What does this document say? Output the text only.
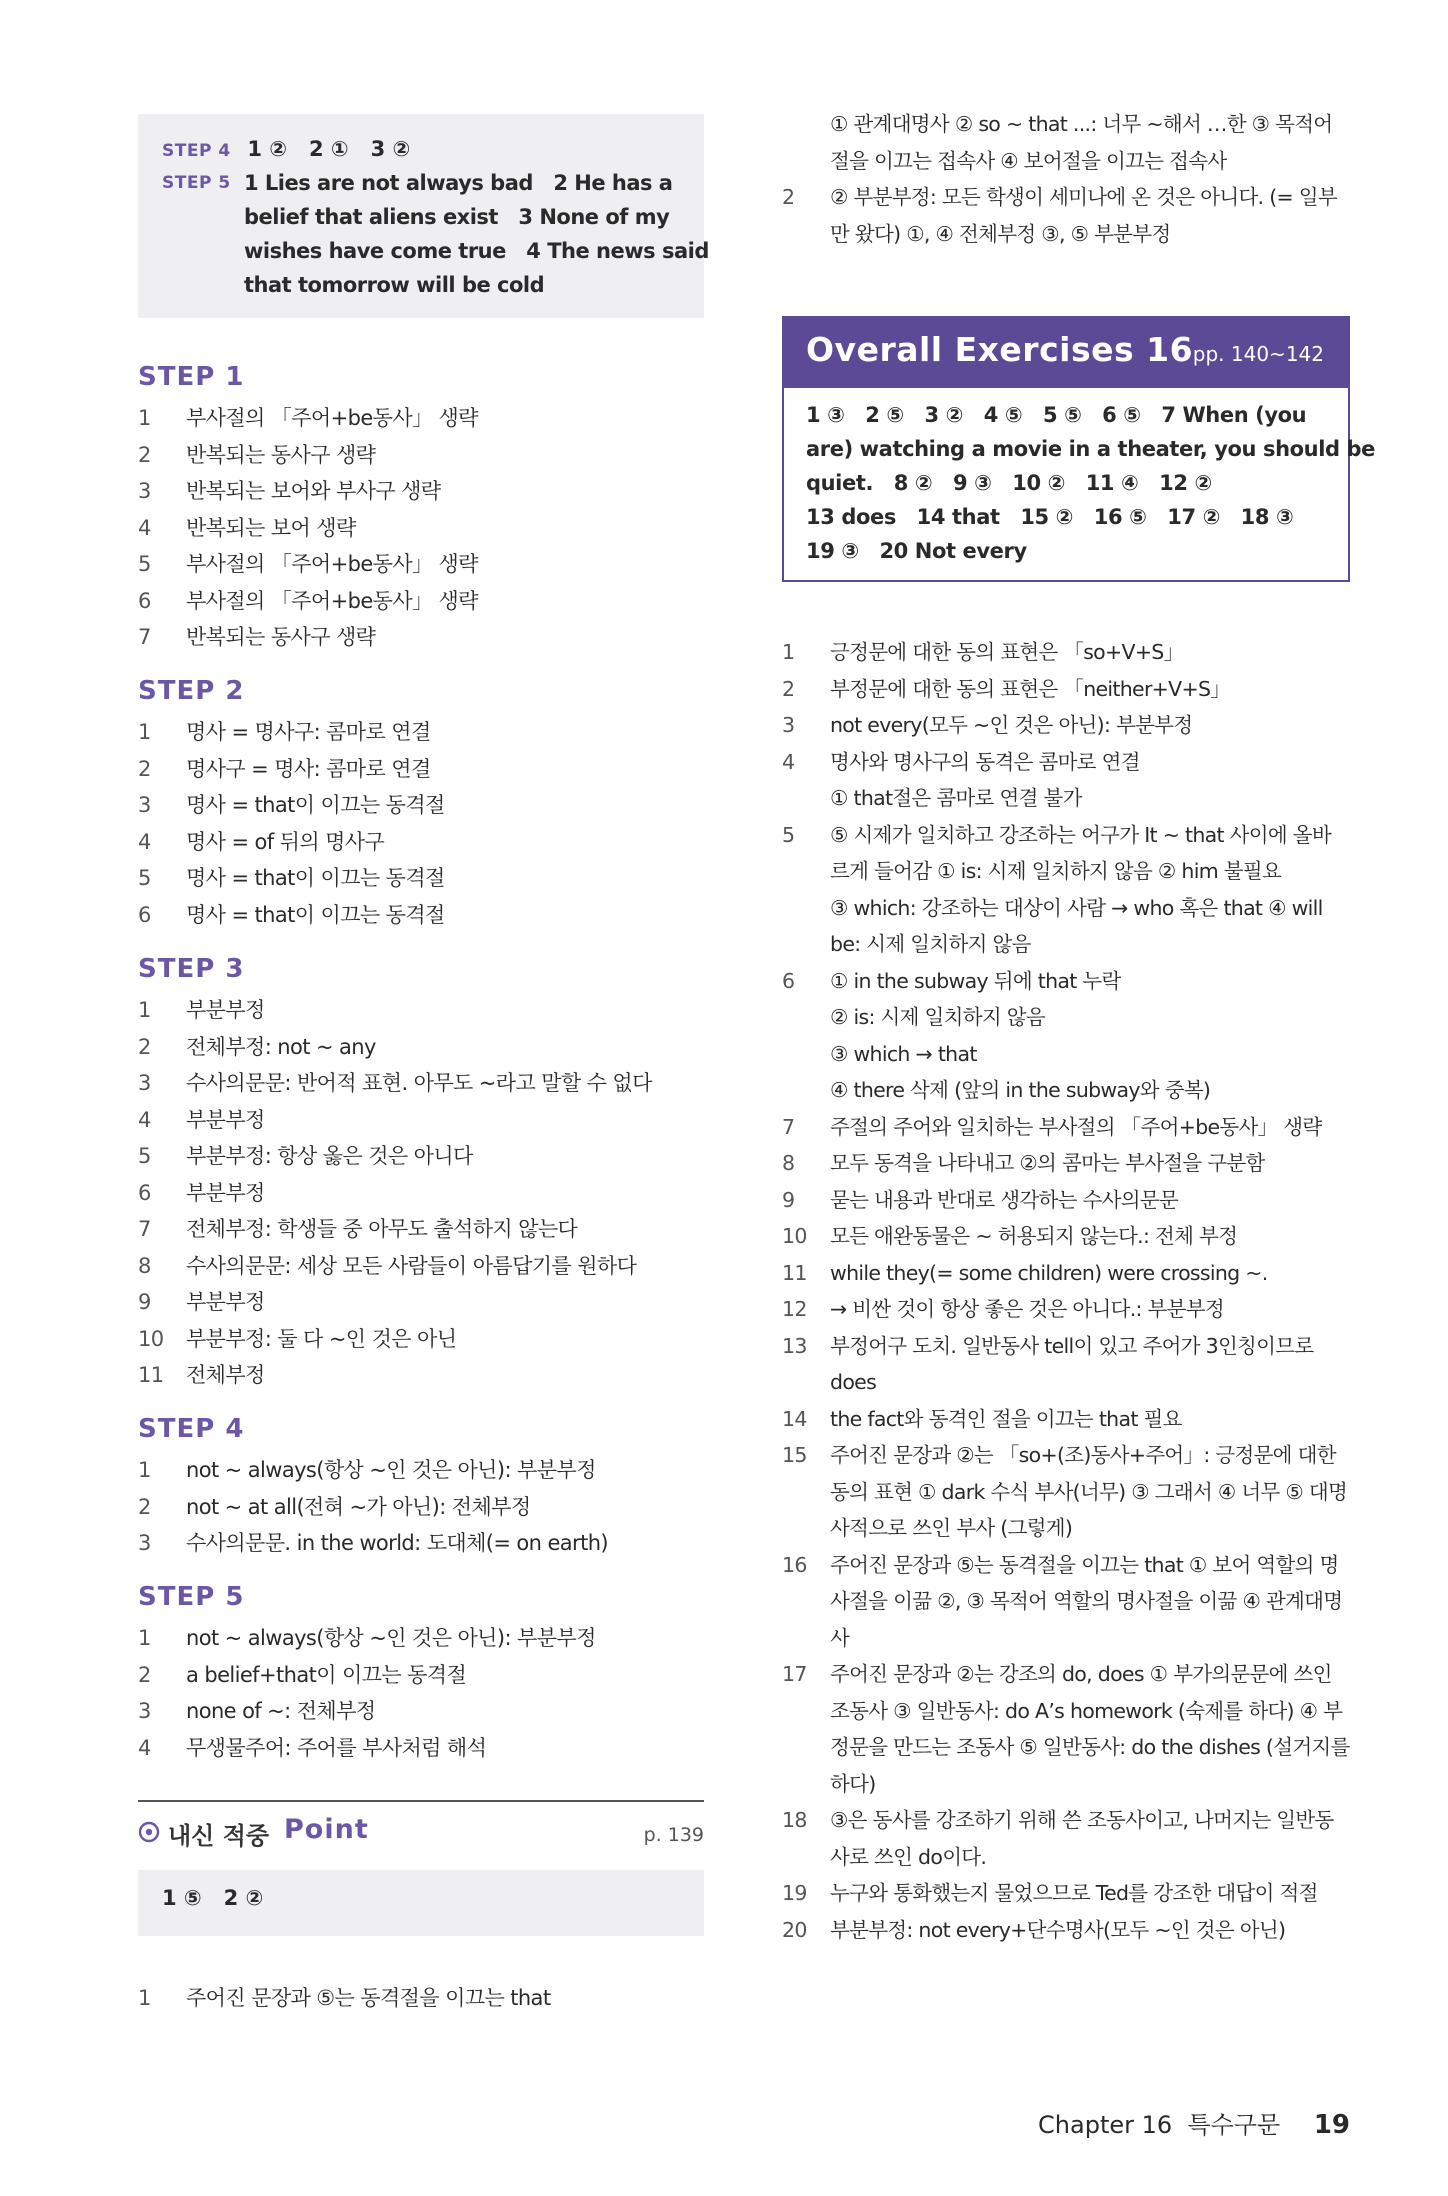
STEP 4 1 ②   2 ①   3 ②
STEP 5 1 Lies are not always bad   2 He has a
belief that aliens exist   3 None of my
wishes have come true   4 The news said
that tomorrow will be cold
STEP 1
1	부사절의 「주어+be동사」 생략
2	반복되는 동사구 생략
3	반복되는 보어와 부사구 생략
4	반복되는 보어 생략
5	부사절의 「주어+be동사」 생략
6	부사절의 「주어+be동사」 생략
7	반복되는 동사구 생략
STEP 2
1	명사 = 명사구: 콤마로 연결
2	명사구 = 명사: 콤마로 연결
3	명사 = that이 이끄는 동격절
4	명사 = of 뒤의 명사구
5	명사 = that이 이끄는 동격절
6	명사 = that이 이끄는 동격절
STEP 3
1	부분부정
2	전체부정: not ~ any
3	수사의문문: 반어적 표현. 아무도 ~라고 말할 수 없다
4	부분부정
5	부분부정: 항상 옳은 것은 아니다
6	부분부정
7	전체부정: 학생들 중 아무도 출석하지 않는다
8	수사의문문: 세상 모든 사람들이 아름답기를 원하다
9	부분부정
10	부분부정: 둘 다 ~인 것은 아닌
11	전체부정
STEP 4
1	not ~ always(항상 ~인 것은 아닌): 부분부정
2	not ~ at all(전혀 ~가 아닌): 전체부정
3	수사의문문. in the world: 도대체(= on earth)
STEP 5
1	not ~ always(항상 ~인 것은 아닌): 부분부정
2	a belief+that이 이끄는 동격절
3	none of ~: 전체부정
4	무생물주어: 주어를 부사처럼 해석
내신 적중 Point	p. 139
1 ⑤   2 ②
1	주어진 문장과 ⑤는 동격절을 이끄는 that
① 관계대명사 ② so ~ that ...: 너무 ~해서 …한 ③ 목적어 절을 이끄는 접속사 ④ 보어절을 이끄는 접속사
2	② 부분부정: 모든 학생이 세미나에 온 것은 아니다. (= 일부만 왔다) ①, ④ 전체부정 ③, ⑤ 부분부정
Overall Exercises 16 pp. 140~142
1 ③   2 ⑤   3 ②   4 ⑤   5 ⑤   6 ⑤   7 When (you
are) watching a movie in a theater, you should be
quiet.   8 ②   9 ③   10 ②   11 ④   12 ②
13 does   14 that   15 ②   16 ⑤   17 ②   18 ③
19 ③   20 Not every
1	긍정문에 대한 동의 표현은 「so+V+S」
2	부정문에 대한 동의 표현은 「neither+V+S」
3	not every(모두 ~인 것은 아닌): 부분부정
4	명사와 명사구의 동격은 콤마로 연결
① that절은 콤마로 연결 불가
5	⑤ 시제가 일치하고 강조하는 어구가 It ~ that 사이에 올바르게 들어감 ① is: 시제 일치하지 않음 ② him 불필요
③ which: 강조하는 대상이 사람 → who 혹은 that ④ will be: 시제 일치하지 않음
6	① in the subway 뒤에 that 누락
② is: 시제 일치하지 않음
③ which → that
④ there 삭제 (앞의 in the subway와 중복)
7	주절의 주어와 일치하는 부사절의 「주어+be동사」 생략
8	모두 동격을 나타내고 ②의 콤마는 부사절을 구분함
9	묻는 내용과 반대로 생각하는 수사의문문
10	모든 애완동물은 ~ 허용되지 않는다.: 전체 부정
11	while they(= some children) were crossing ~.
12	→ 비싼 것이 항상 좋은 것은 아니다.: 부분부정
13	부정어구 도치. 일반동사 tell이 있고 주어가 3인칭이므로 does
14	the fact와 동격인 절을 이끄는 that 필요
15	주어진 문장과 ②는 「so+(조)동사+주어」: 긍정문에 대한 동의 표현 ① dark 수식 부사(너무) ③ 그래서 ④ 너무 ⑤ 대명사적으로 쓰인 부사 (그렇게)
16	주어진 문장과 ⑤는 동격절을 이끄는 that ① 보어 역할의 명사절을 이끎 ②, ③ 목적어 역할의 명사절을 이끎 ④ 관계대명사
17	주어진 문장과 ②는 강조의 do, does ① 부가의문문에 쓰인 조동사 ③ 일반동사: do A’s homework (숙제를 하다) ④ 부정문을 만드는 조동사 ⑤ 일반동사: do the dishes (설거지를 하다)
18	③은 동사를 강조하기 위해 쓴 조동사이고, 나머지는 일반동사로 쓰인 do이다.
19	누구와 통화했는지 물었으므로 Ted를 강조한 대답이 적절
20	부분부정: not every+단수명사(모두 ~인 것은 아닌)
Chapter 16  특수구문 19
